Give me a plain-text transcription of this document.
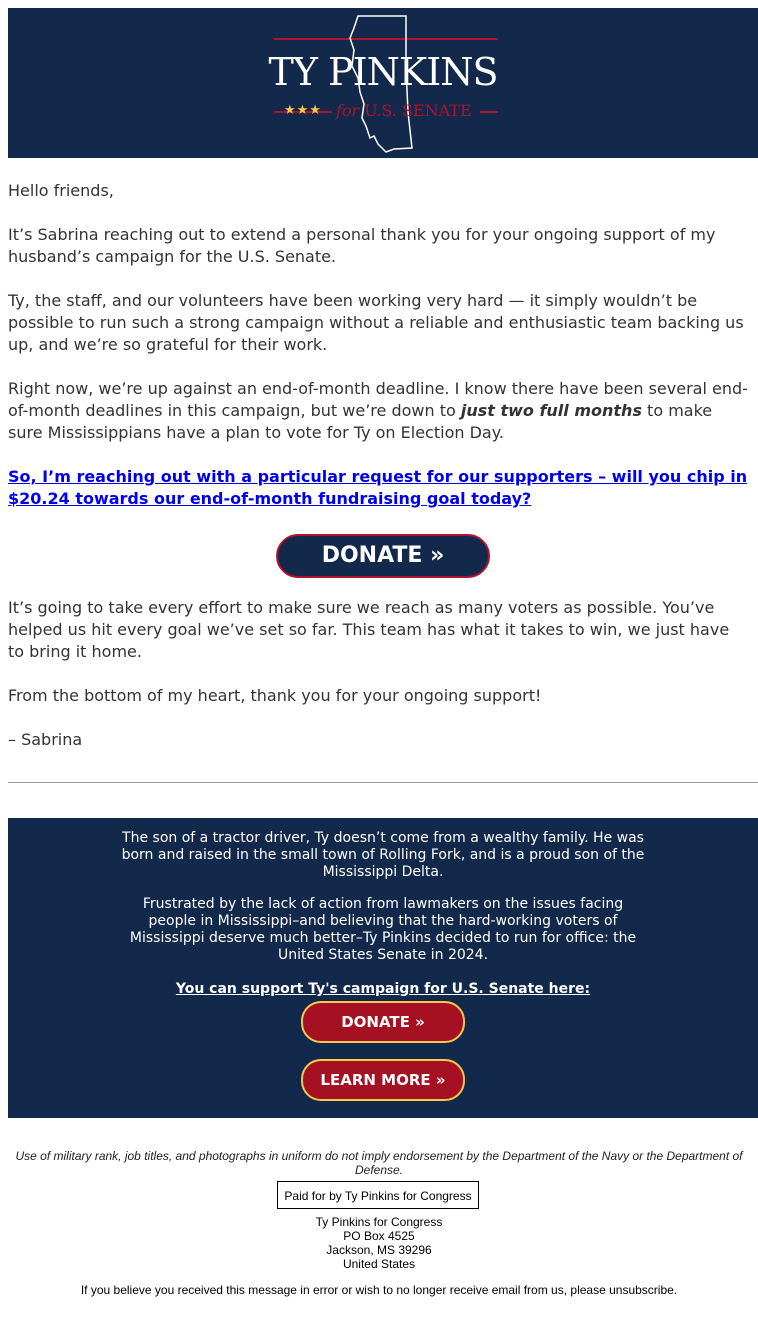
TY PINKINS
★★★ for U.S. SENATE
Hello friends,
It’s Sabrina reaching out to extend a personal thank you for your ongoing support of my husband’s campaign for the U.S. Senate.
Ty, the staff, and our volunteers have been working very hard — it simply wouldn’t be possible to run such a strong campaign without a reliable and enthusiastic team backing us up, and we’re so grateful for their work.
Right now, we’re up against an end-of-month deadline. I know there have been several end-of-month deadlines in this campaign, but we’re down to just two full months to make sure Mississippians have a plan to vote for Ty on Election Day.
So, I’m reaching out with a particular request for our supporters – will you chip in $20.24 towards our end-of-month fundraising goal today?
DONATE »
It’s going to take every effort to make sure we reach as many voters as possible. You’ve helped us hit every goal we’ve set so far. This team has what it takes to win, we just have to bring it home.
From the bottom of my heart, thank you for your ongoing support!
– Sabrina
The son of a tractor driver, Ty doesn’t come from a wealthy family. He was born and raised in the small town of Rolling Fork, and is a proud son of the Mississippi Delta.
Frustrated by the lack of action from lawmakers on the issues facing people in Mississippi–and believing that the hard-working voters of Mississippi deserve much better–Ty Pinkins decided to run for office: the United States Senate in 2024.
You can support Ty's campaign for U.S. Senate here:
DONATE »
LEARN MORE »
Use of military rank, job titles, and photographs in uniform do not imply endorsement by the Department of the Navy or the Department of Defense.
Paid for by Ty Pinkins for Congress
Ty Pinkins for Congress
PO Box 4525
Jackson, MS 39296
United States
If you believe you received this message in error or wish to no longer receive email from us, please unsubscribe.
